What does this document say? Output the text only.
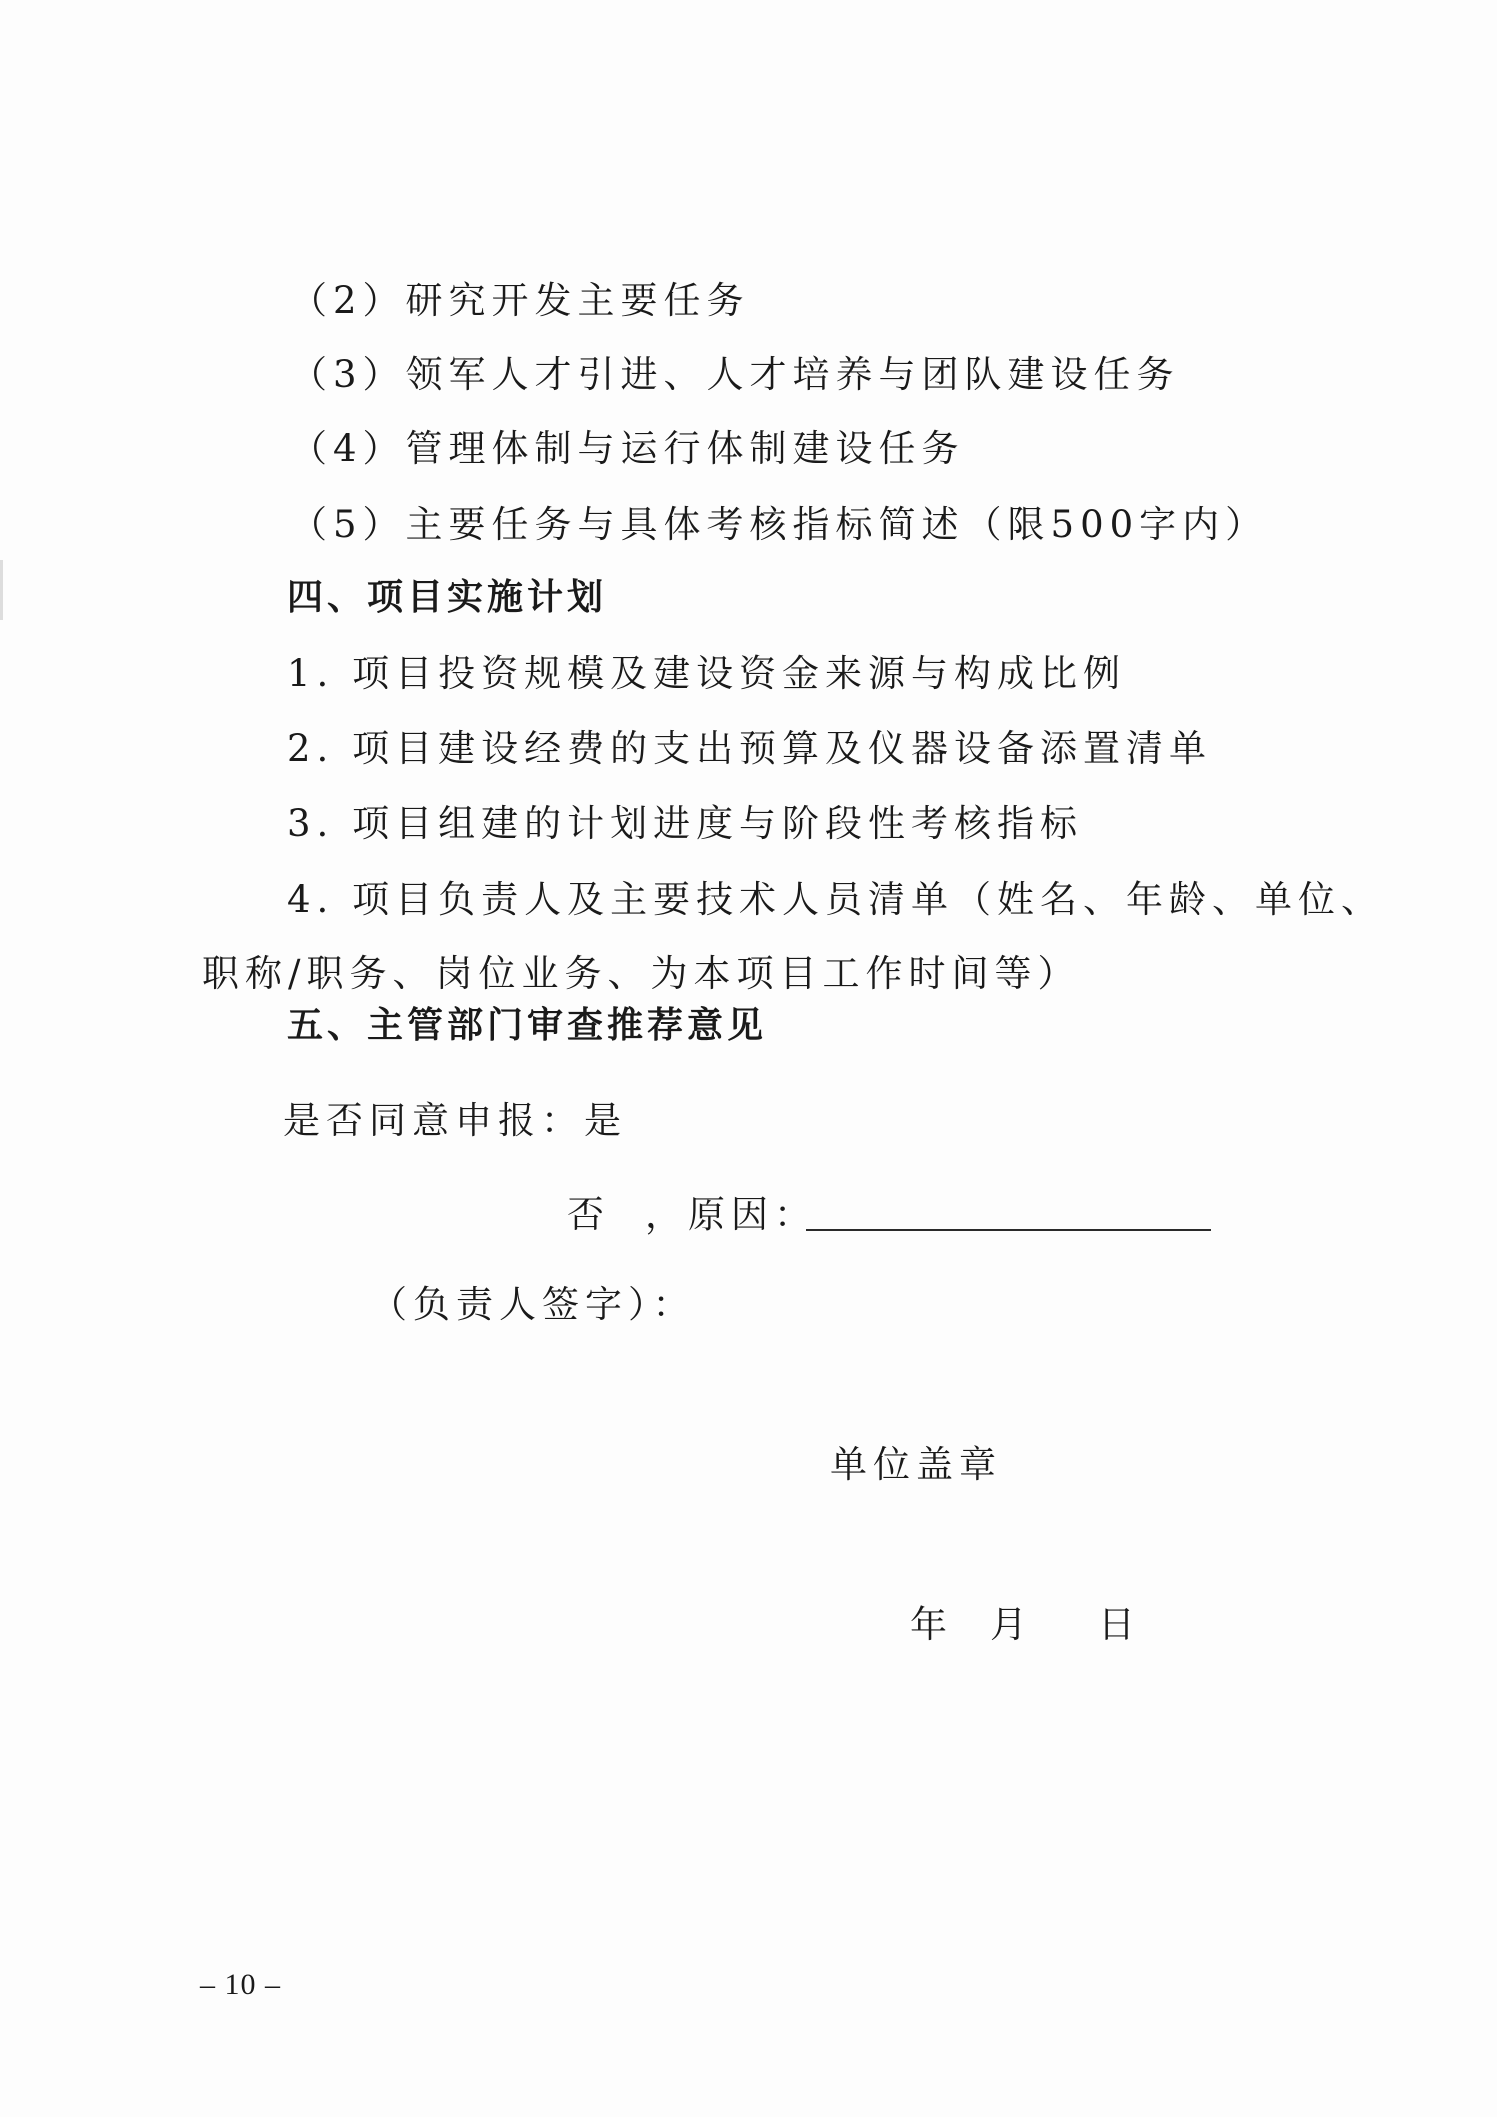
（2）研究开发主要任务
（3）领军人才引进、人才培养与团队建设任务
（4）管理体制与运行体制建设任务
（5）主要任务与具体考核指标简述（限500字内）
四、项目实施计划
1. 项目投资规模及建设资金来源与构成比例
2. 项目建设经费的支出预算及仪器设备添置清单
3. 项目组建的计划进度与阶段性考核指标
4. 项目负责人及主要技术人员清单（姓名、年龄、单位、
职称/职务、岗位业务、为本项目工作时间等）
五、主管部门审查推荐意见
是否同意申报：是
否 ，原因：
（负责人签字）：
单位盖章
年 月 日
– 10 –
